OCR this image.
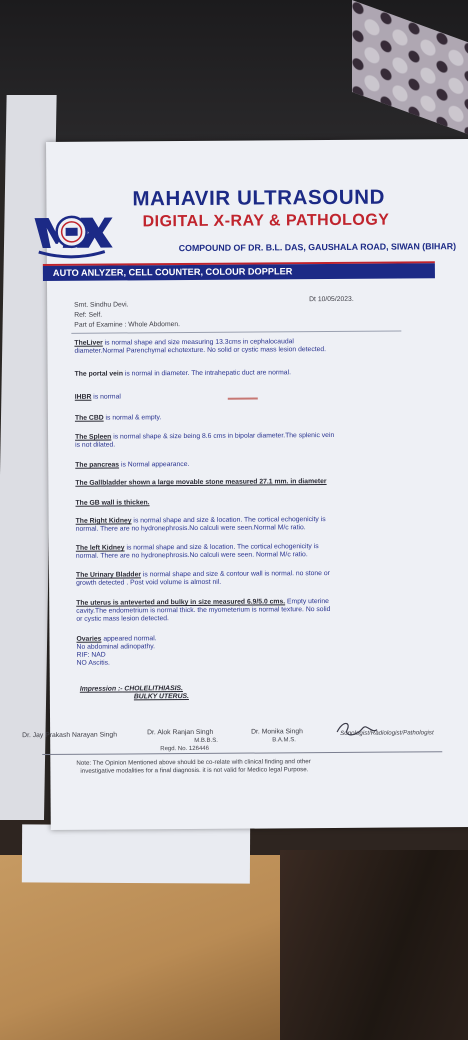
MAHAVIR ULTRASOUND
DIGITAL X-RAY & PATHOLOGY
COMPOUND OF DR. B.L. DAS, GAUSHALA ROAD, SIWAN (BIHAR)
AUTO ANLYZER, CELL COUNTER, COLOUR DOPPLER
Smt. Sindhu Devi.
Dt 10/05/2023.
Ref: Self.
Part of Examine : Whole Abdomen.
TheLiver is normal shape and size measuring 13.3cms in cephalocaudal
diameter.Normal Parenchymal echotexture. No solid or cystic mass lesion detected.
The portal vein is normal in diameter. The intrahepatic duct are normal.
IHBR is normal
The CBD is normal & empty.
The Spleen is normal shape & size being 8.6 cms in bipolar diameter.The splenic vein
is not dilated.
The pancreas is Normal appearance.
The Gallbladder shown a large movable stone measured 27.1 mm. in diameter
The GB wall is thicken.
The Right Kidney is normal shape and size & location. The cortical echogenicity is
normal. There are no hydronephrosis.No calculi were seen.Normal M/c ratio.
The left Kidney is normal shape and size & location. The cortical echogenicity is
normal. There are no hydronephrosis.No calculi were seen. Normal M/c ratio.
The Urinary Bladder is normal shape and size & contour wall is normal. no stone or
growth detected . Post void volume is almost nil.
The uterus is anteverted and bulky in size measured 6.9/5.0 cms. Empty uterine
cavity.The endometrium is normal thick. the myometerium is normal texture. No solid
or cystic mass lesion detected.
Ovaries appeared normal.
No abdominal adinopathy.
RIF: NAD
NO Ascitis.
Impression :- CHOLELITHIASIS.
BULKY UTERUS.
Dr. Jay Prakash Narayan Singh	Dr. Alok Ranjan Singh
M.B.B.S.
Regd. No. 126446
Dr. Monika Singh
B.A.M.S.
Sonologist/Radiologist/Pathologist
Note: The Opinion Mentioned above should be co-relate with clinical finding and other
investigative modalities for a final diagnosis. it is not valid for Medico legal Purpose.
